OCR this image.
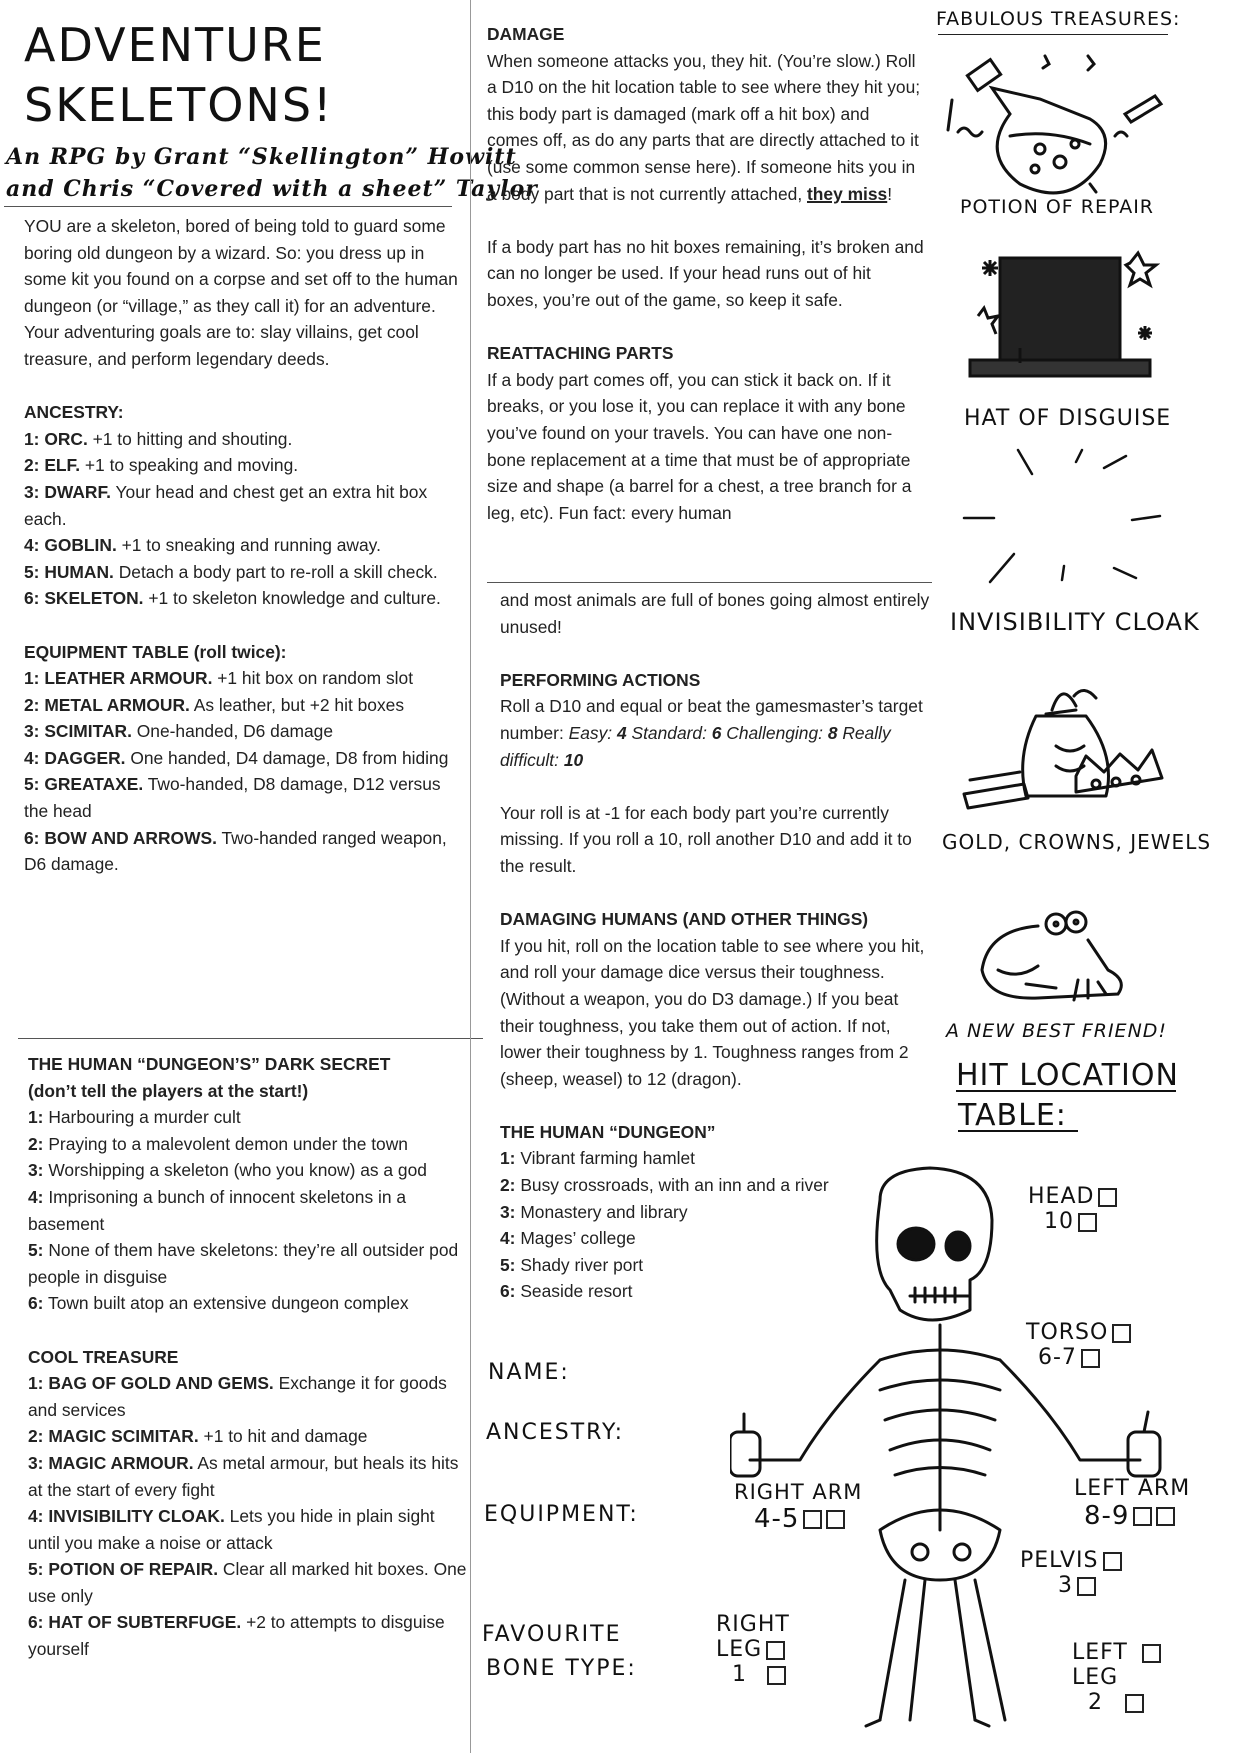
ADVENTURE
SKELETONS!
An RPG by Grant “Skellington” Howitt
and Chris “Covered with a sheet” Taylor

YOU are a skeleton, bored of being told to guard some boring old dungeon by a wizard. So: you dress up in some kit you found on a corpse and set off to the human dungeon (or “village,” as they call it) for an adventure. Your adventuring goals are to: slay villains, get cool treasure, and perform legendary deeds.

ANCESTRY:

1: ORC. +1 to hitting and shouting.

2: ELF. +1 to speaking and moving.

3: DWARF. Your head and chest get an extra hit box each.

4: GOBLIN. +1 to sneaking and running away.

5: HUMAN. Detach a body part to re-roll a skill check.

6: SKELETON. +1 to skeleton knowledge and culture.

EQUIPMENT TABLE (roll twice):

1: LEATHER ARMOUR. +1 hit box on random slot

2: METAL ARMOUR. As leather, but +2 hit boxes

3: SCIMITAR. One-handed, D6 damage

4: DAGGER. One handed, D4 damage, D8 from hiding

5: GREATAXE. Two-handed, D8 damage, D12 versus the head

6: BOW AND ARROWS. Two-handed ranged weapon, D6 damage.

THE HUMAN “DUNGEON’S” DARK SECRET

(don’t tell the players at the start!)

1: Harbouring a murder cult

2: Praying to a malevolent demon under the town

3: Worshipping a skeleton (who you know) as a god

4: Imprisoning a bunch of innocent skeletons in a basement

5: None of them have skeletons: they’re all outsider pod people in disguise

6: Town built atop an extensive dungeon complex

COOL TREASURE

1: BAG OF GOLD AND GEMS. Exchange it for goods and services

2: MAGIC SCIMITAR. +1 to hit and damage

3: MAGIC ARMOUR. As metal armour, but heals its hits at the start of every fight

4: INVISIBILITY CLOAK. Lets you hide in plain sight until you make a noise or attack

5: POTION OF REPAIR. Clear all marked hit boxes. One use only

6: HAT OF SUBTERFUGE. +2 to attempts to disguise yourself

DAMAGE

When someone attacks you, they hit. (You’re slow.) Roll a D10 on the hit location table to see where they hit you; this body part is damaged (mark off a hit box) and comes off, as do any parts that are directly attached to it (use some common sense here). If someone hits you in a body part that is not currently attached, they miss!

If a body part has no hit boxes remaining, it’s broken and can no longer be used. If your head runs out of hit boxes, you’re out of the game, so keep it safe.

REATTACHING PARTS

If a body part comes off, you can stick it back on. If it breaks, or you lose it, you can replace it with any bone you’ve found on your travels. You can have one non-bone replacement at a time that must be of appropriate size and shape (a barrel for a chest, a tree branch for a leg, etc). Fun fact: every human

and most animals are full of bones going almost entirely unused!

PERFORMING ACTIONS

Roll a D10 and equal or beat the gamesmaster’s target number: Easy: 4 Standard: 6 Challenging: 8 Really difficult: 10

Your roll is at -1 for each body part you’re currently missing. If you roll a 10, roll another D10 and add it to the result.

DAMAGING HUMANS (AND OTHER THINGS)

If you hit, roll on the location table to see where you hit, and roll your damage dice versus their toughness. (Without a weapon, you do D3 damage.) If you beat their toughness, you take them out of action. If not, lower their toughness by 1. Toughness ranges from 2 (sheep, weasel) to 12 (dragon).

THE HUMAN “DUNGEON”

1: Vibrant farming hamlet

2: Busy crossroads, with an inn and a river

3: Monastery and library

4: Mages’ college

5: Shady river port

6: Seaside resort

NAME:
ANCESTRY:
EQUIPMENT:
FAVOURITE
BONE TYPE:
FABULOUS TREASURES:
POTION OF REPAIR
HAT OF DISGUISE
INVISIBILITY CLOAK
GOLD, CROWNS, JEWELS
A NEW BEST FRIEND!
HIT LOCATION
TABLE:
HEAD
10
TORSO
6-7
RIGHT ARM
4-5
LEFT ARM
8-9
PELVIS
3
RIGHT
LEG
1
LEFT
LEG
2
